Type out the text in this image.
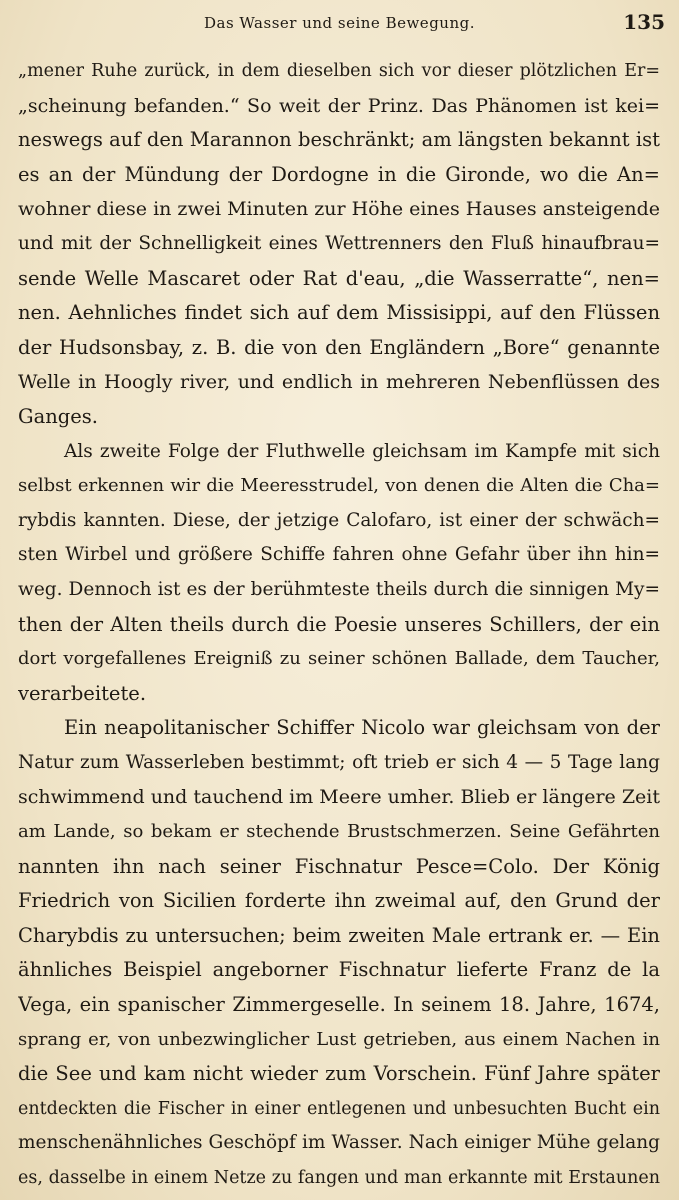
Das Wasser und seine Bewegung.	135
„mener Ruhe zurück, in dem dieselben sich vor dieser plötzlichen Er=
„scheinung befanden.“ So weit der Prinz. Das Phänomen ist kei=
neswegs auf den Marannon beschränkt; am längsten bekannt ist
es an der Mündung der Dordogne in die Gironde, wo die An=
wohner diese in zwei Minuten zur Höhe eines Hauses ansteigende
und mit der Schnelligkeit eines Wettrenners den Fluß hinaufbrau=
sende Welle Mascaret oder Rat d'eau, „die Wasserratte“, nen=
nen. Aehnliches findet sich auf dem Missisippi, auf den Flüssen
der Hudsonsbay, z. B. die von den Engländern „Bore“ genannte
Welle in Hoogly river, und endlich in mehreren Nebenflüssen des
Ganges.
Als zweite Folge der Fluthwelle gleichsam im Kampfe mit sich
selbst erkennen wir die Meeresstrudel, von denen die Alten die Cha=
rybdis kannten. Diese, der jetzige Calofaro, ist einer der schwäch=
sten Wirbel und größere Schiffe fahren ohne Gefahr über ihn hin=
weg. Dennoch ist es der berühmteste theils durch die sinnigen My=
then der Alten theils durch die Poesie unseres Schillers, der ein
dort vorgefallenes Ereigniß zu seiner schönen Ballade, dem Taucher,
verarbeitete.
Ein neapolitanischer Schiffer Nicolo war gleichsam von der
Natur zum Wasserleben bestimmt; oft trieb er sich 4 — 5 Tage lang
schwimmend und tauchend im Meere umher. Blieb er längere Zeit
am Lande, so bekam er stechende Brustschmerzen. Seine Gefährten
nannten ihn nach seiner Fischnatur Pesce=Colo. Der König
Friedrich von Sicilien forderte ihn zweimal auf, den Grund der
Charybdis zu untersuchen; beim zweiten Male ertrank er. — Ein
ähnliches Beispiel angeborner Fischnatur lieferte Franz de la
Vega, ein spanischer Zimmergeselle. In seinem 18. Jahre, 1674,
sprang er, von unbezwinglicher Lust getrieben, aus einem Nachen in
die See und kam nicht wieder zum Vorschein. Fünf Jahre später
entdeckten die Fischer in einer entlegenen und unbesuchten Bucht ein
menschenähnliches Geschöpf im Wasser. Nach einiger Mühe gelang
es, dasselbe in einem Netze zu fangen und man erkannte mit Erstaunen
